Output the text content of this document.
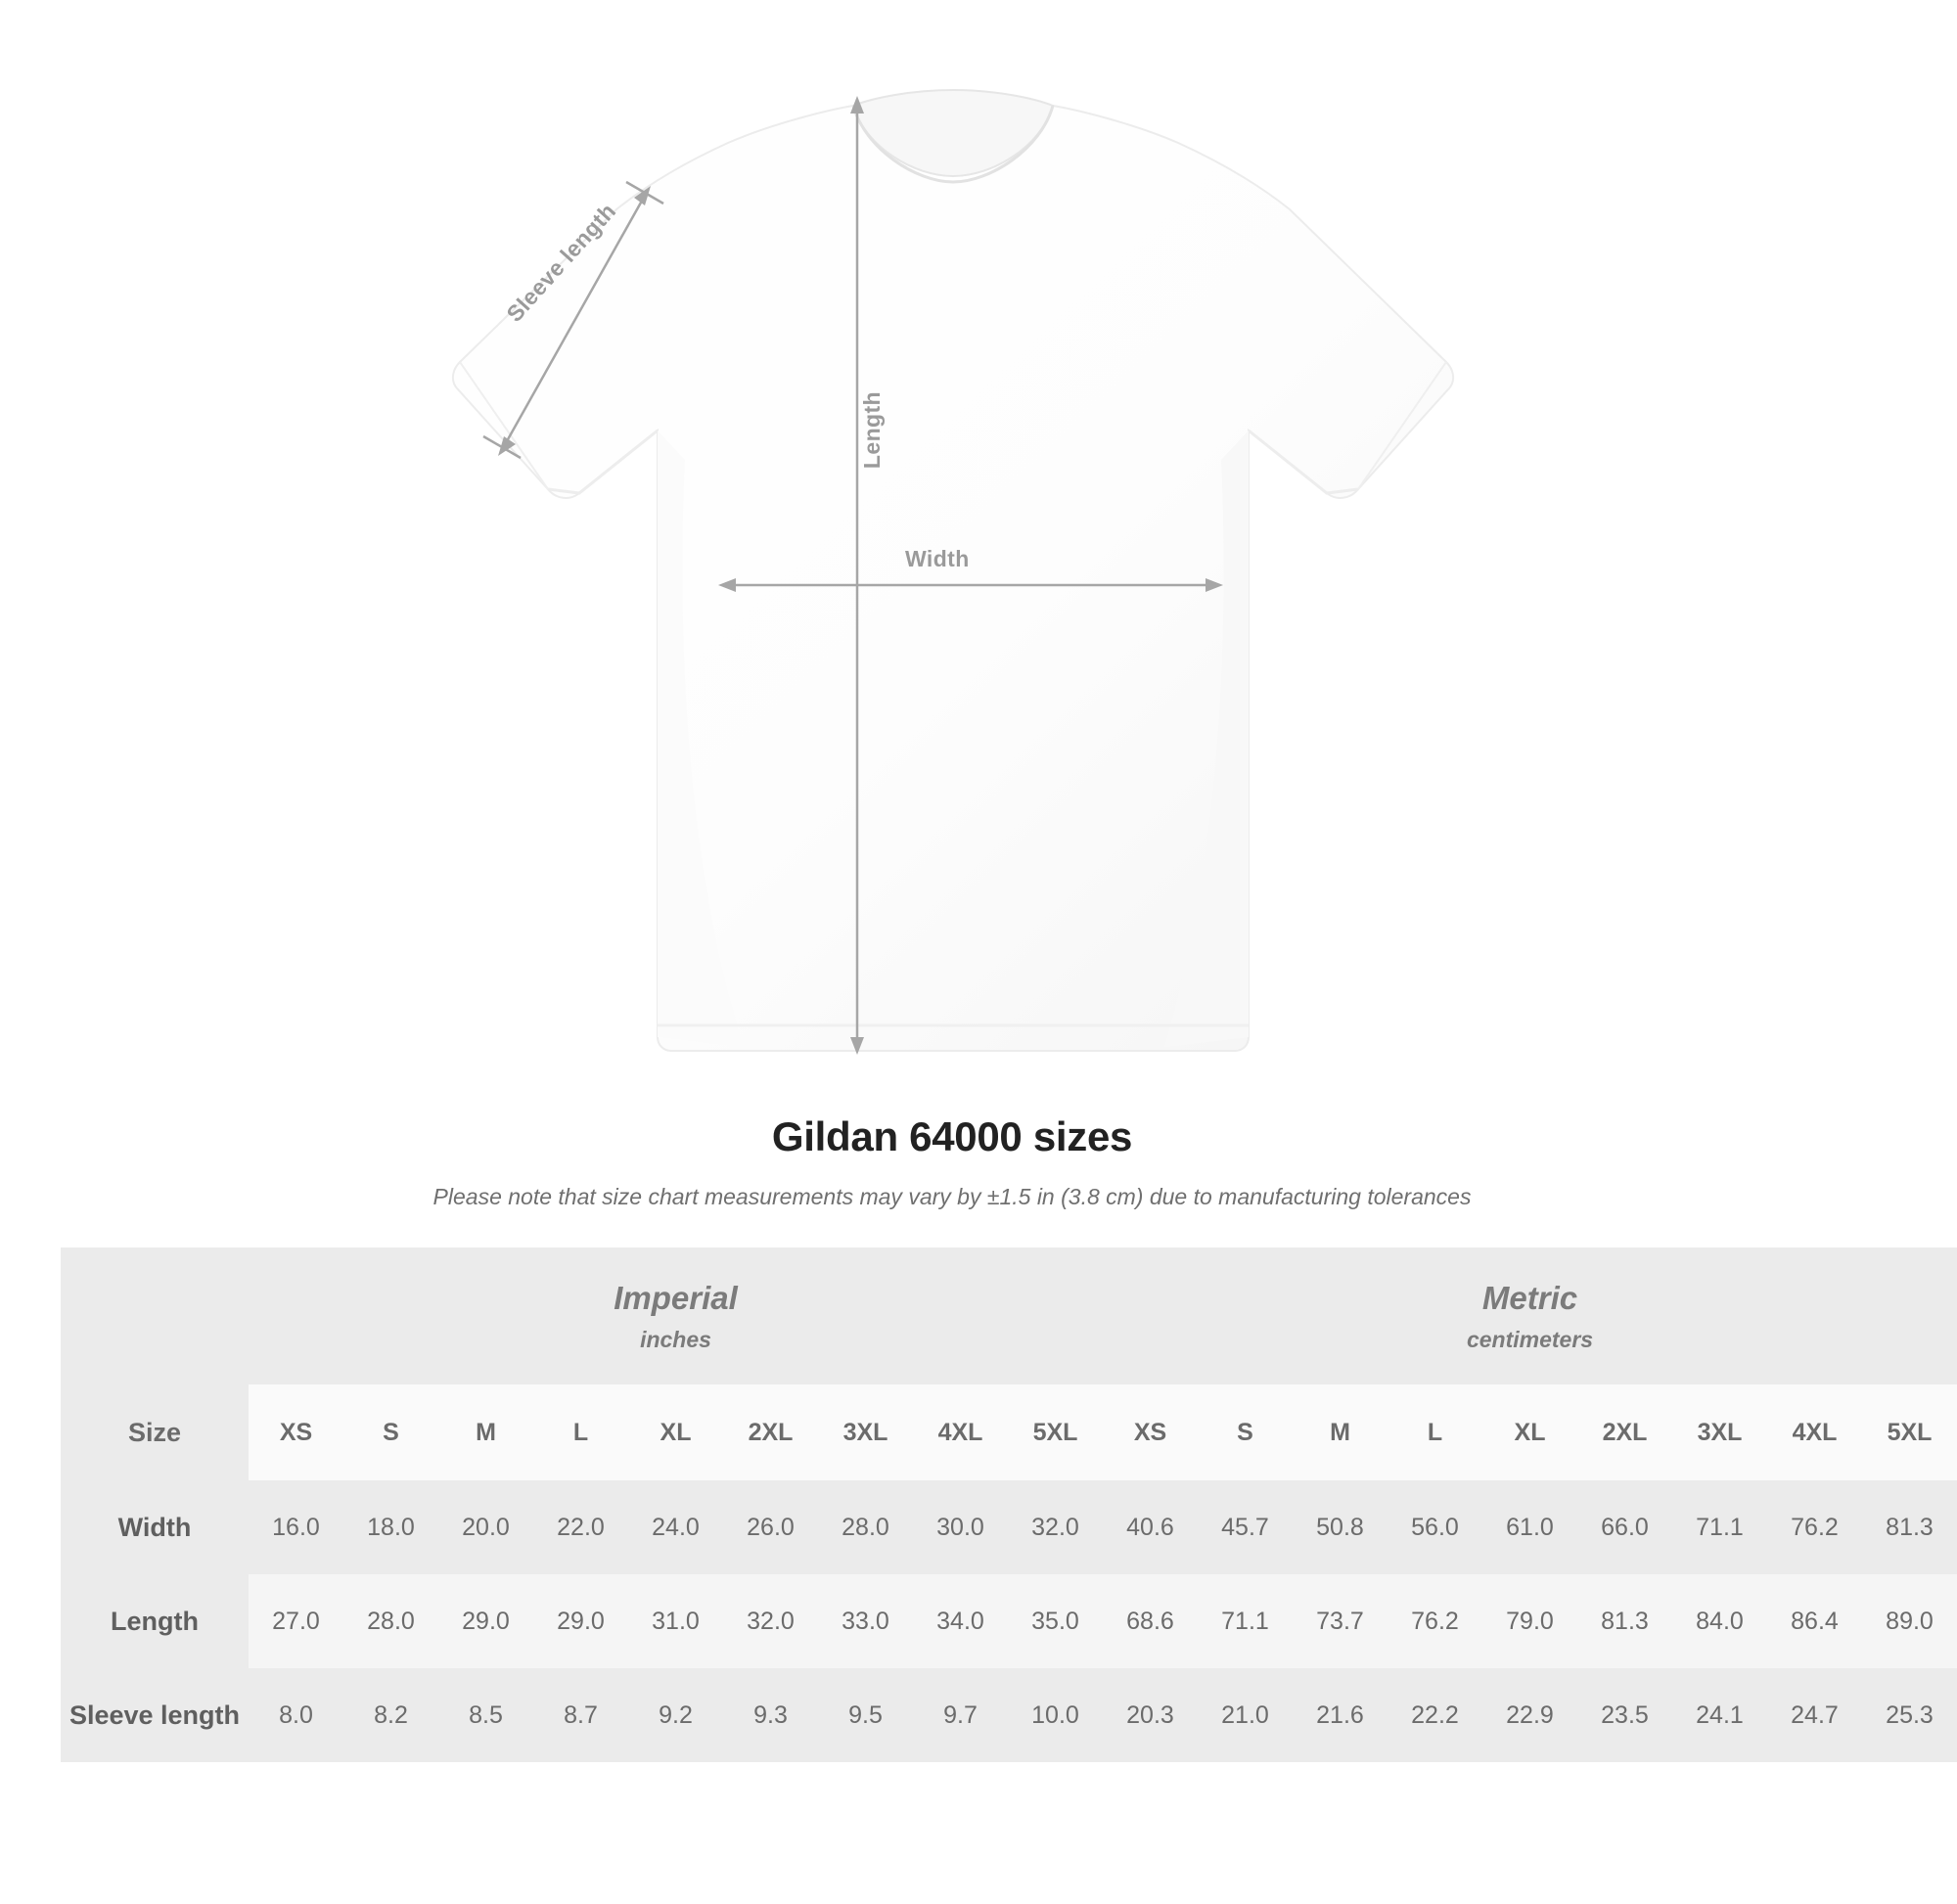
Width
Length
Sleeve length
Gildan 64000 sizes
Please note that size chart measurements may vary by ±1.5 in (3.8 cm) due to manufacturing tolerances

	Imperial
inches									Metric
centimeters								

Size	XS	S	M	L	XL	2XL	3XL	4XL	5XL	XS	S	M	L	XL	2XL	3XL	4XL	5XL
Width	16.0	18.0	20.0	22.0	24.0	26.0	28.0	30.0	32.0	40.6	45.7	50.8	56.0	61.0	66.0	71.1	76.2	81.3
Length	27.0	28.0	29.0	29.0	31.0	32.0	33.0	34.0	35.0	68.6	71.1	73.7	76.2	79.0	81.3	84.0	86.4	89.0
Sleeve length	8.0	8.2	8.5	8.7	9.2	9.3	9.5	9.7	10.0	20.3	21.0	21.6	22.2	22.9	23.5	24.1	24.7	25.3
